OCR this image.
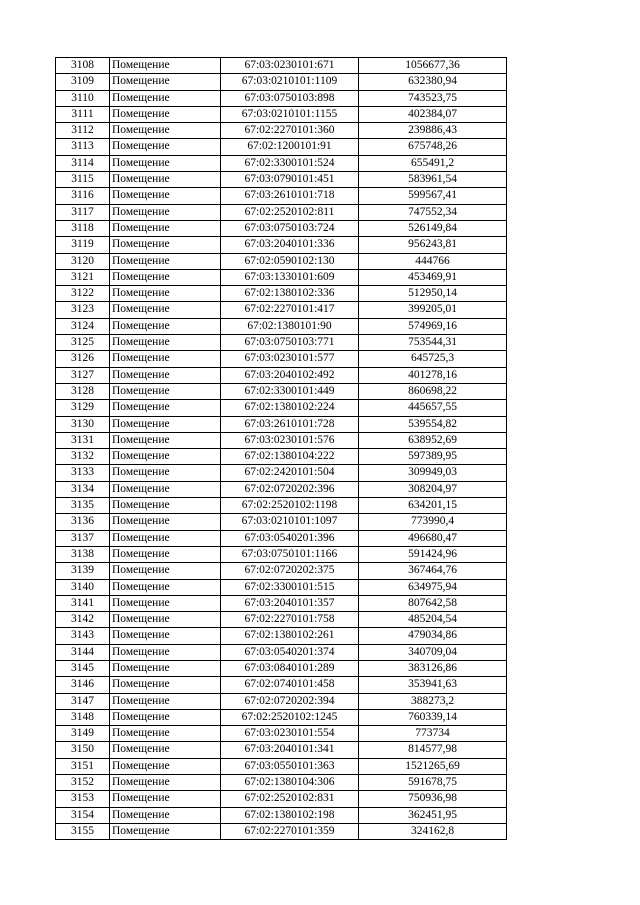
3108	Помещение	67:03:0230101:671	1056677,36
3109	Помещение	67:03:0210101:1109	632380,94
3110	Помещение	67:03:0750103:898	743523,75
3111	Помещение	67:03:0210101:1155	402384,07
3112	Помещение	67:02:2270101:360	239886,43
3113	Помещение	67:02:1200101:91	675748,26
3114	Помещение	67:02:3300101:524	655491,2
3115	Помещение	67:03:0790101:451	583961,54
3116	Помещение	67:03:2610101:718	599567,41
3117	Помещение	67:02:2520102:811	747552,34
3118	Помещение	67:03:0750103:724	526149,84
3119	Помещение	67:03:2040101:336	956243,81
3120	Помещение	67:02:0590102:130	444766
3121	Помещение	67:03:1330101:609	453469,91
3122	Помещение	67:02:1380102:336	512950,14
3123	Помещение	67:02:2270101:417	399205,01
3124	Помещение	67:02:1380101:90	574969,16
3125	Помещение	67:03:0750103:771	753544,31
3126	Помещение	67:03:0230101:577	645725,3
3127	Помещение	67:03:2040102:492	401278,16
3128	Помещение	67:02:3300101:449	860698,22
3129	Помещение	67:02:1380102:224	445657,55
3130	Помещение	67:03:2610101:728	539554,82
3131	Помещение	67:03:0230101:576	638952,69
3132	Помещение	67:02:1380104:222	597389,95
3133	Помещение	67:02:2420101:504	309949,03
3134	Помещение	67:02:0720202:396	308204,97
3135	Помещение	67:02:2520102:1198	634201,15
3136	Помещение	67:03:0210101:1097	773990,4
3137	Помещение	67:03:0540201:396	496680,47
3138	Помещение	67:03:0750101:1166	591424,96
3139	Помещение	67:02:0720202:375	367464,76
3140	Помещение	67:02:3300101:515	634975,94
3141	Помещение	67:03:2040101:357	807642,58
3142	Помещение	67:02:2270101:758	485204,54
3143	Помещение	67:02:1380102:261	479034,86
3144	Помещение	67:03:0540201:374	340709,04
3145	Помещение	67:03:0840101:289	383126,86
3146	Помещение	67:02:0740101:458	353941,63
3147	Помещение	67:02:0720202:394	388273,2
3148	Помещение	67:02:2520102:1245	760339,14
3149	Помещение	67:03:0230101:554	773734
3150	Помещение	67:03:2040101:341	814577,98
3151	Помещение	67:03:0550101:363	1521265,69
3152	Помещение	67:02:1380104:306	591678,75
3153	Помещение	67:02:2520102:831	750936,98
3154	Помещение	67:02:1380102:198	362451,95
3155	Помещение	67:02:2270101:359	324162,8
